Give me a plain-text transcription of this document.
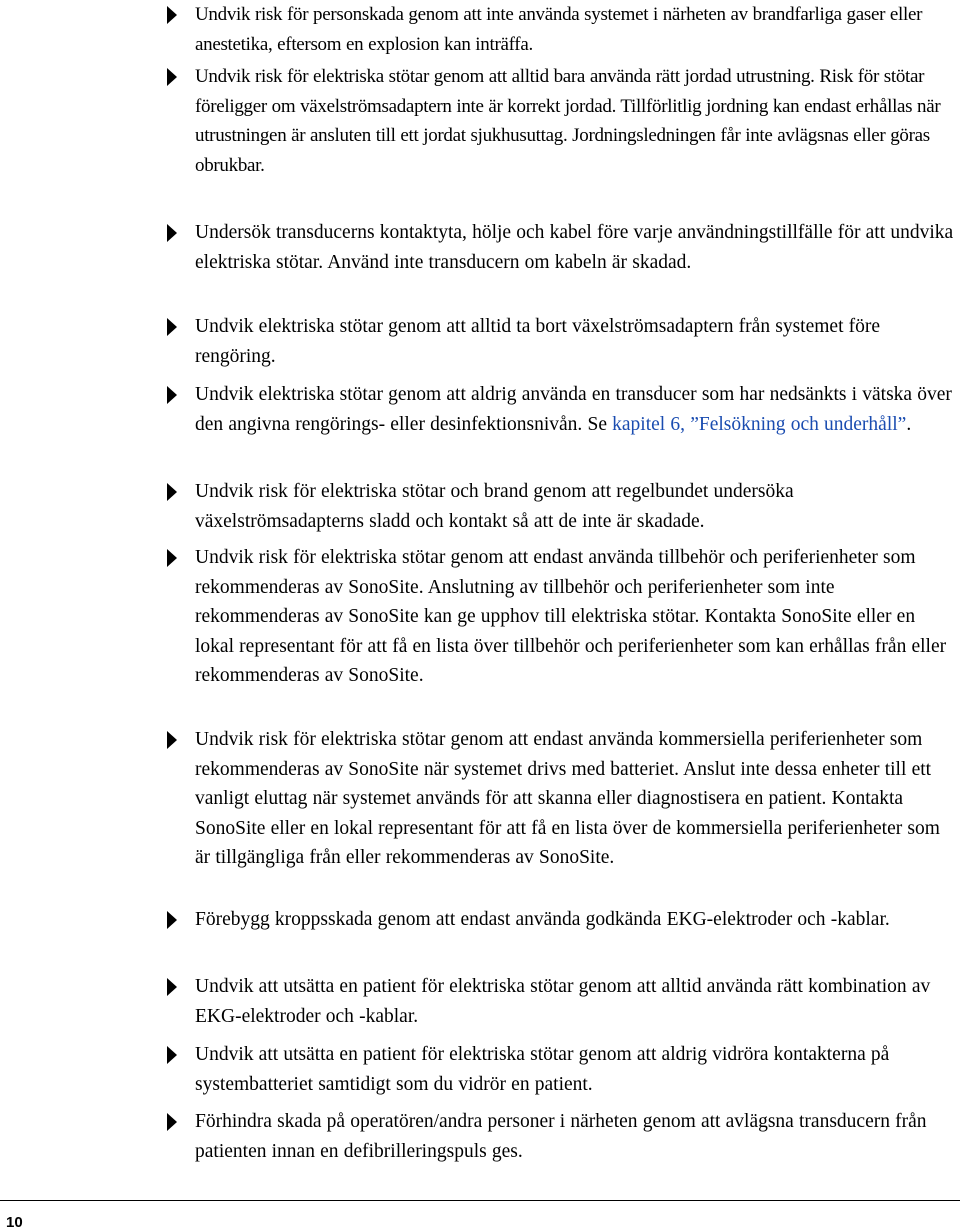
Undvik risk för personskada genom att inte använda systemet i närheten av brandfarliga gaser eller anestetika, eftersom en explosion kan inträffa.
Undvik risk för elektriska stötar genom att alltid bara använda rätt jordad utrustning. Risk för stötar föreligger om växelströmsadaptern inte är korrekt jordad. Tillförlitlig jordning kan endast erhållas när utrustningen är ansluten till ett jordat sjukhusuttag. Jordningsledningen får inte avlägsnas eller göras obrukbar.
Undersök transducerns kontaktyta, hölje och kabel före varje användningstillfälle för att undvika elektriska stötar. Använd inte transducern om kabeln är skadad.
Undvik elektriska stötar genom att alltid ta bort växelströmsadaptern från systemet före rengöring.
Undvik elektriska stötar genom att aldrig använda en transducer som har nedsänkts i vätska över den angivna rengörings- eller desinfektionsnivån. Se kapitel 6, ”Felsökning och underhåll”.
Undvik risk för elektriska stötar och brand genom att regelbundet undersöka växelströmsadapterns sladd och kontakt så att de inte är skadade.
Undvik risk för elektriska stötar genom att endast använda tillbehör och periferienheter som rekommenderas av SonoSite. Anslutning av tillbehör och periferienheter som inte rekommenderas av SonoSite kan ge upphov till elektriska stötar. Kontakta SonoSite eller en lokal representant för att få en lista över tillbehör och periferienheter som kan erhållas från eller rekommenderas av SonoSite.
Undvik risk för elektriska stötar genom att endast använda kommersiella periferienheter som rekommenderas av SonoSite när systemet drivs med batteriet. Anslut inte dessa enheter till ett vanligt eluttag när systemet används för att skanna eller diagnostisera en patient. Kontakta SonoSite eller en lokal representant för att få en lista över de kommersiella periferienheter som är tillgängliga från eller rekommenderas av SonoSite.
Förebygg kroppsskada genom att endast använda godkända EKG-elektroder och -kablar.
Undvik att utsätta en patient för elektriska stötar genom att alltid använda rätt kombination av EKG-elektroder och -kablar.
Undvik att utsätta en patient för elektriska stötar genom att aldrig vidröra kontakterna på systembatteriet samtidigt som du vidrör en patient.
Förhindra skada på operatören/andra personer i närheten genom att avlägsna transducern från patienten innan en defibrilleringspuls ges.
10
